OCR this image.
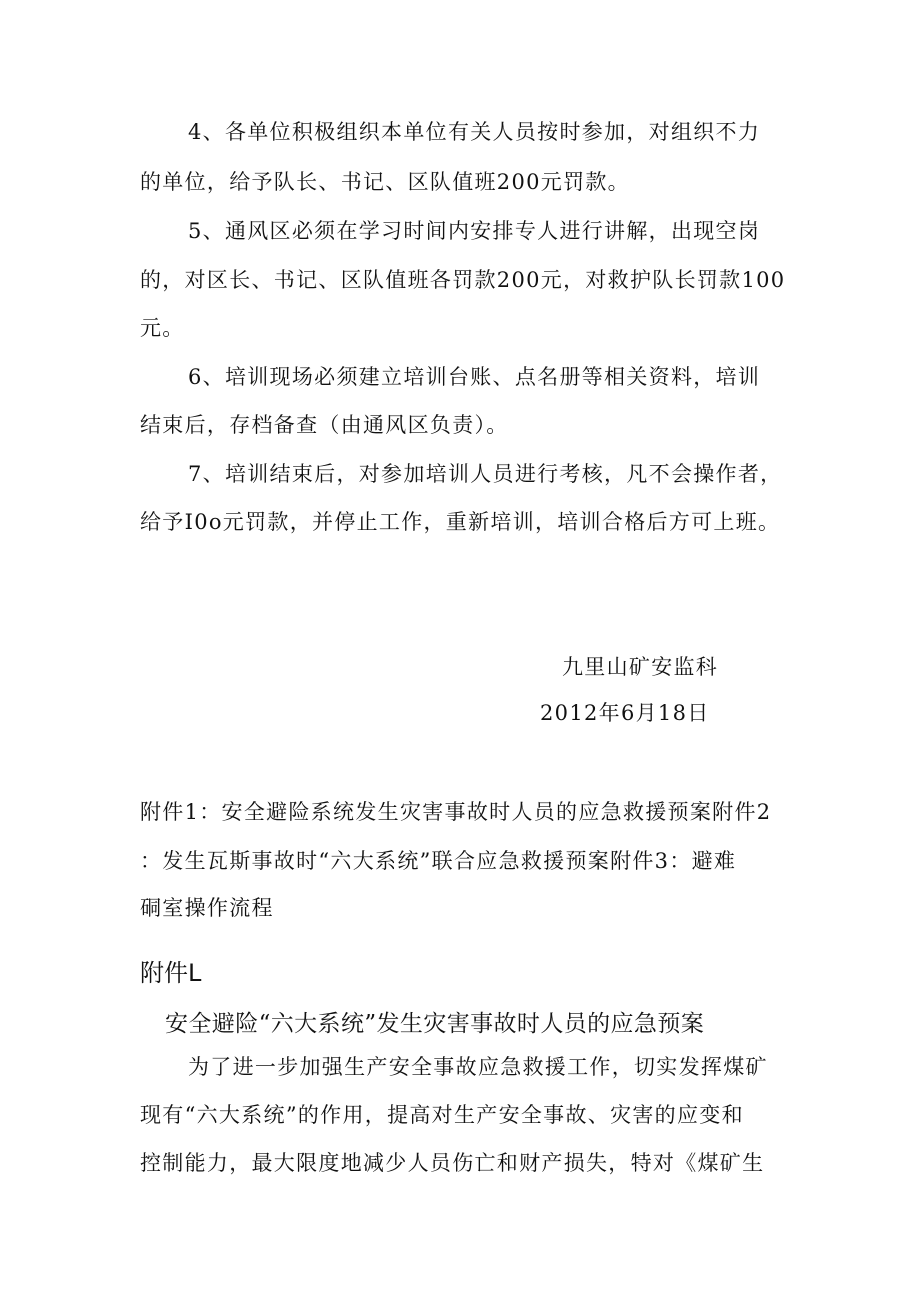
4、各单位积极组织本单位有关人员按时参加，对组织不力
的单位，给予队长、书记、区队值班200元罚款。
5、通风区必须在学习时间内安排专人进行讲解，出现空岗
的，对区长、书记、区队值班各罚款200元，对救护队长罚款100
元。
6、培训现场必须建立培训台账、点名册等相关资料，培训
结束后，存档备查（由通风区负责）。
7、培训结束后，对参加培训人员进行考核，凡不会操作者，
给予I0o元罚款，并停止工作，重新培训，培训合格后方可上班。
九里山矿安监科
2012年6月18日
附件1：安全避险系统发生灾害事故时人员的应急救援预案附件2
：发生瓦斯事故时“六大系统”联合应急救援预案附件3：避难
硐室操作流程
附件L
安全避险“六大系统”发生灾害事故时人员的应急预案
为了进一步加强生产安全事故应急救援工作，切实发挥煤矿
现有“六大系统”的作用，提高对生产安全事故、灾害的应变和
控制能力，最大限度地减少人员伤亡和财产损失，特对《煤矿生
